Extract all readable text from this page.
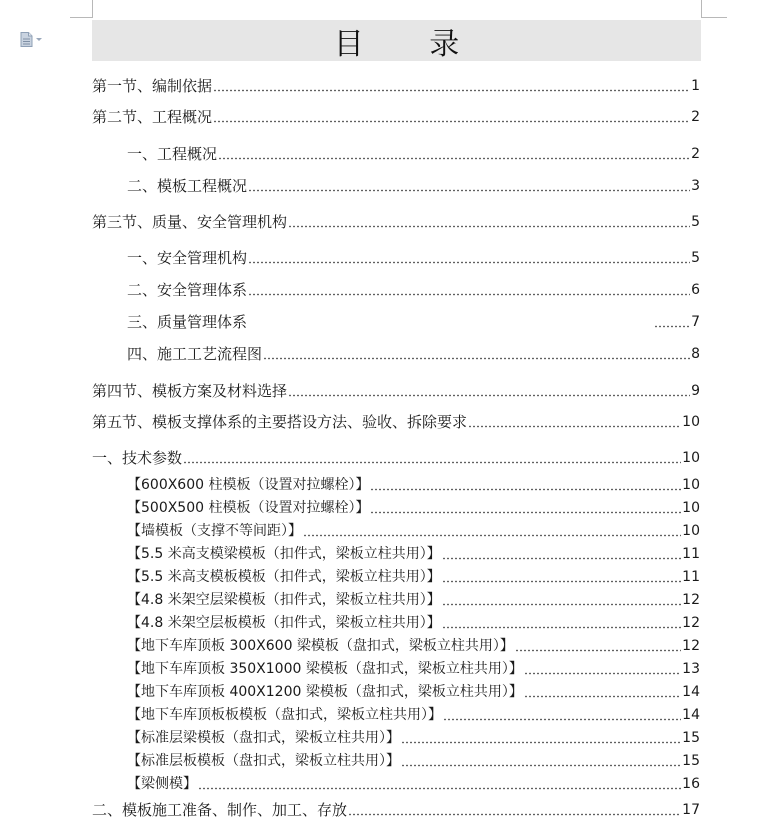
目 录
第一节、编制依据	1
第二节、工程概况	2
一、工程概况	2
二、模板工程概况	3
第三节、质量、安全管理机构	5
一、安全管理机构	5
二、安全管理体系	6
三、质量管理体系	7
四、施工工艺流程图	8
第四节、模板方案及材料选择	9
第五节、模板支撑体系的主要搭设方法、验收、拆除要求	10
一、技术参数	10
【600X600 柱模板（设置对拉螺栓）】	10
【500X500 柱模板（设置对拉螺栓）】	10
【墙模板（支撑不等间距）】	10
【5.5 米高支模梁模板（扣件式，梁板立柱共用）】	11
【5.5 米高支模板模板（扣件式，梁板立柱共用）】	11
【4.8 米架空层梁模板（扣件式，梁板立柱共用）】	12
【4.8 米架空层板模板（扣件式，梁板立柱共用）】	12
【地下车库顶板 300X600 梁模板（盘扣式，梁板立柱共用）】	12
【地下车库顶板 350X1000 梁模板（盘扣式，梁板立柱共用）】	13
【地下车库顶板 400X1200 梁模板（盘扣式，梁板立柱共用）】	14
【地下车库顶板板模板（盘扣式，梁板立柱共用）】	14
【标准层梁模板（盘扣式，梁板立柱共用）】	15
【标准层板模板（盘扣式，梁板立柱共用）】	15
【梁侧模】	16
二、模板施工准备、制作、加工、存放	17
